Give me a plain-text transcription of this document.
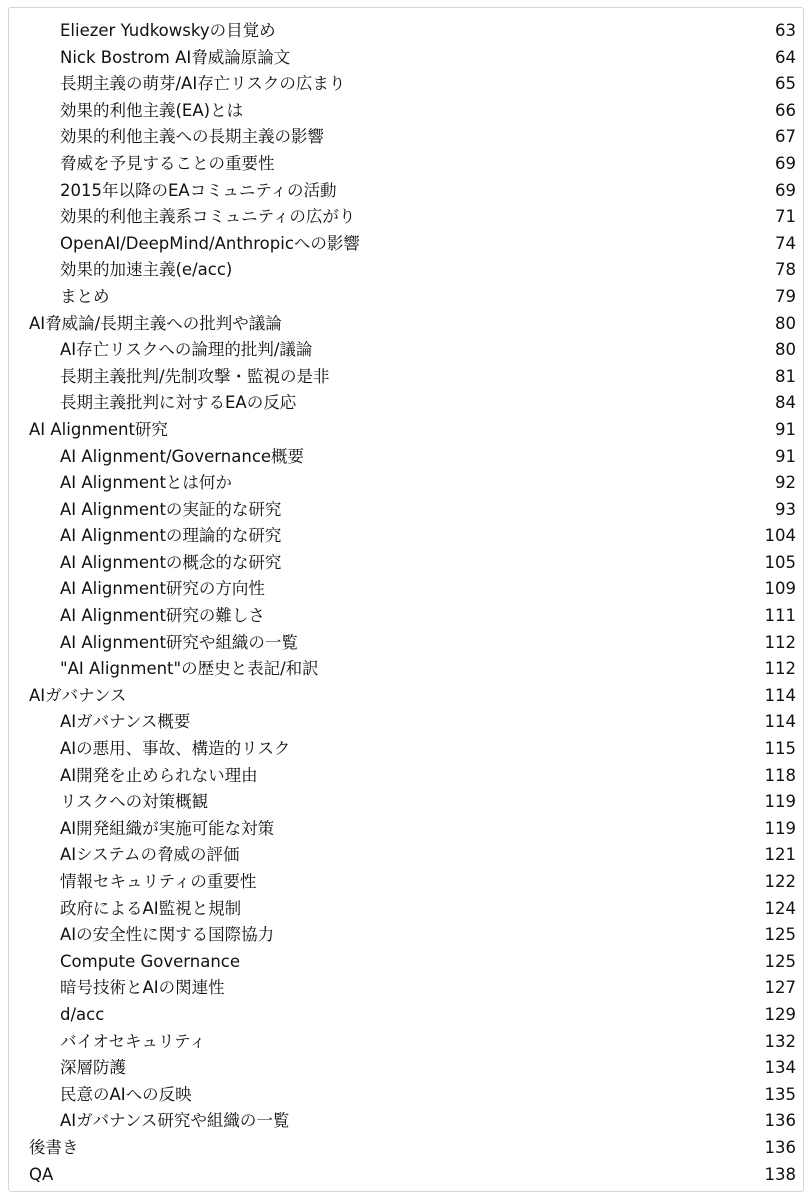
Eliezer Yudkowskyの目覚め	63
Nick Bostrom AI脅威論原論文	64
長期主義の萌芽/AI存亡リスクの広まり	65
効果的利他主義(EA)とは	66
効果的利他主義への長期主義の影響	67
脅威を予見することの重要性	69
2015年以降のEAコミュニティの活動	69
効果的利他主義系コミュニティの広がり	71
OpenAI/DeepMind/Anthropicへの影響	74
効果的加速主義(e/acc)	78
まとめ	79
AI脅威論/長期主義への批判や議論	80
AI存亡リスクへの論理的批判/議論	80
長期主義批判/先制攻撃・監視の是非	81
長期主義批判に対するEAの反応	84
AI Alignment研究	91
AI Alignment/Governance概要	91
AI Alignmentとは何か	92
AI Alignmentの実証的な研究	93
AI Alignmentの理論的な研究	104
AI Alignmentの概念的な研究	105
AI Alignment研究の方向性	109
AI Alignment研究の難しさ	111
AI Alignment研究や組織の一覧	112
"AI Alignment"の歴史と表記/和訳	112
AIガバナンス	114
AIガバナンス概要	114
AIの悪用、事故、構造的リスク	115
AI開発を止められない理由	118
リスクへの対策概観	119
AI開発組織が実施可能な対策	119
AIシステムの脅威の評価	121
情報セキュリティの重要性	122
政府によるAI監視と規制	124
AIの安全性に関する国際協力	125
Compute Governance	125
暗号技術とAIの関連性	127
d/acc	129
バイオセキュリティ	132
深層防護	134
民意のAIへの反映	135
AIガバナンス研究や組織の一覧	136
後書き	136
QA	138
